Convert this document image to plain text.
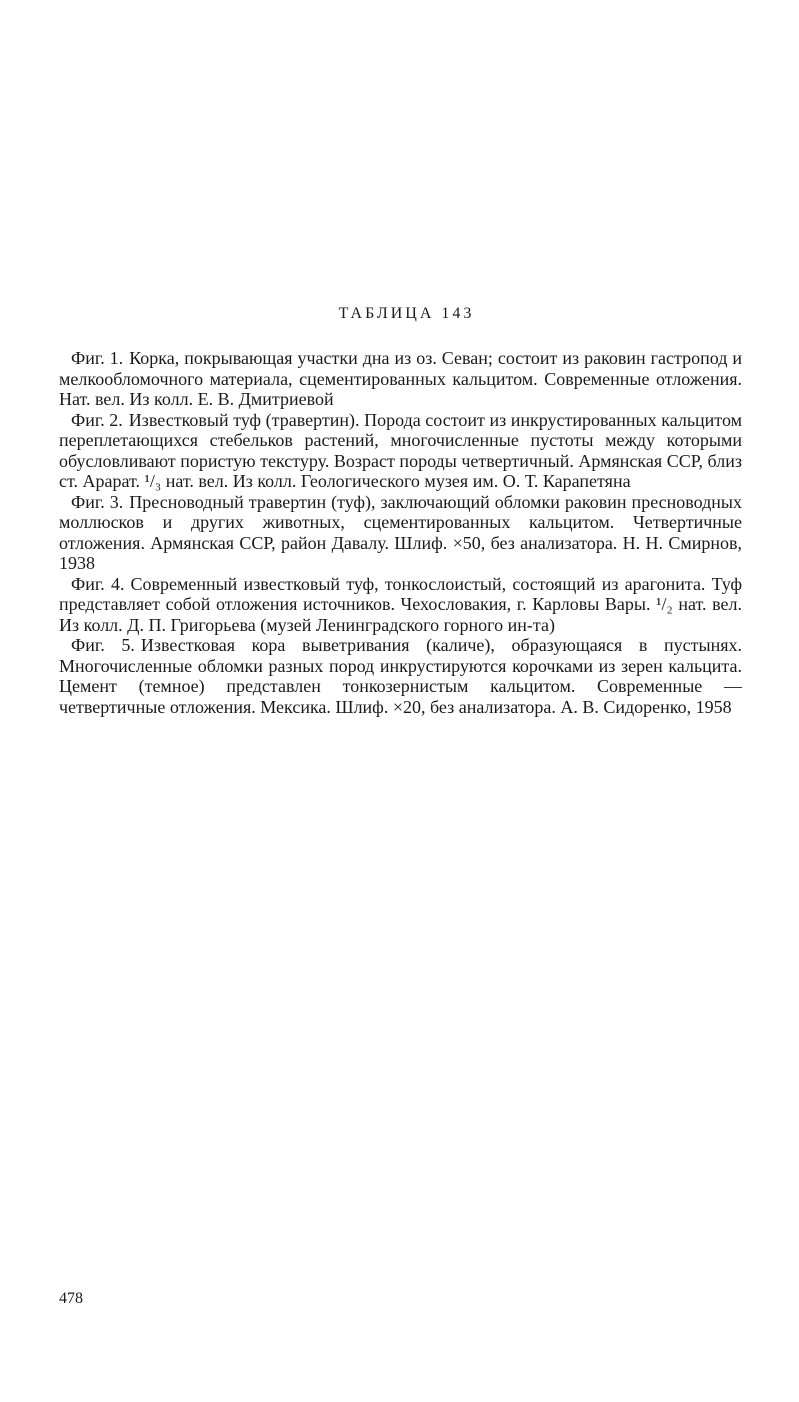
ТАБЛИЦА 143

Фиг. 1. Корка, покрывающая участки дна из оз. Севан; состоит из раковин гастропод и мелкообломочного материала, сцементированных кальцитом. Современные отложения. Нат. вел. Из колл. Е. В. Дмитриевой

Фиг. 2. Известковый туф (травертин). Порода состоит из инкрустированных кальцитом переплетающихся стебельков растений, многочисленные пустоты между которыми обусловливают пористую текстуру. Возраст породы четвертичный. Армянская ССР, близ ст. Арарат. ¹/₃ нат. вел. Из колл. Геологического музея им. О. Т. Карапетяна

Фиг. 3. Пресноводный травертин (туф), заключающий обломки раковин пресноводных моллюсков и других животных, сцементированных кальцитом. Четвертичные отложения. Армянская ССР, район Давалу. Шлиф. ×50, без анализатора. Н. Н. Смирнов, 1938

Фиг. 4. Современный известковый туф, тонкослоистый, состоящий из арагонита. Туф представляет собой отложения источников. Чехословакия, г. Карловы Вары. ¹/₂ нат. вел. Из колл. Д. П. Григорьева (музей Ленинградского горного ин-та)

Фиг. 5. Известковая кора выветривания (каличе), образующаяся в пустынях. Многочисленные обломки разных пород инкрустируются корочками из зерен кальцита. Цемент (темное) представлен тонкозернистым кальцитом. Современные — четвертичные отложения. Мексика. Шлиф. ×20, без анализатора. А. В. Сидоренко, 1958

478
